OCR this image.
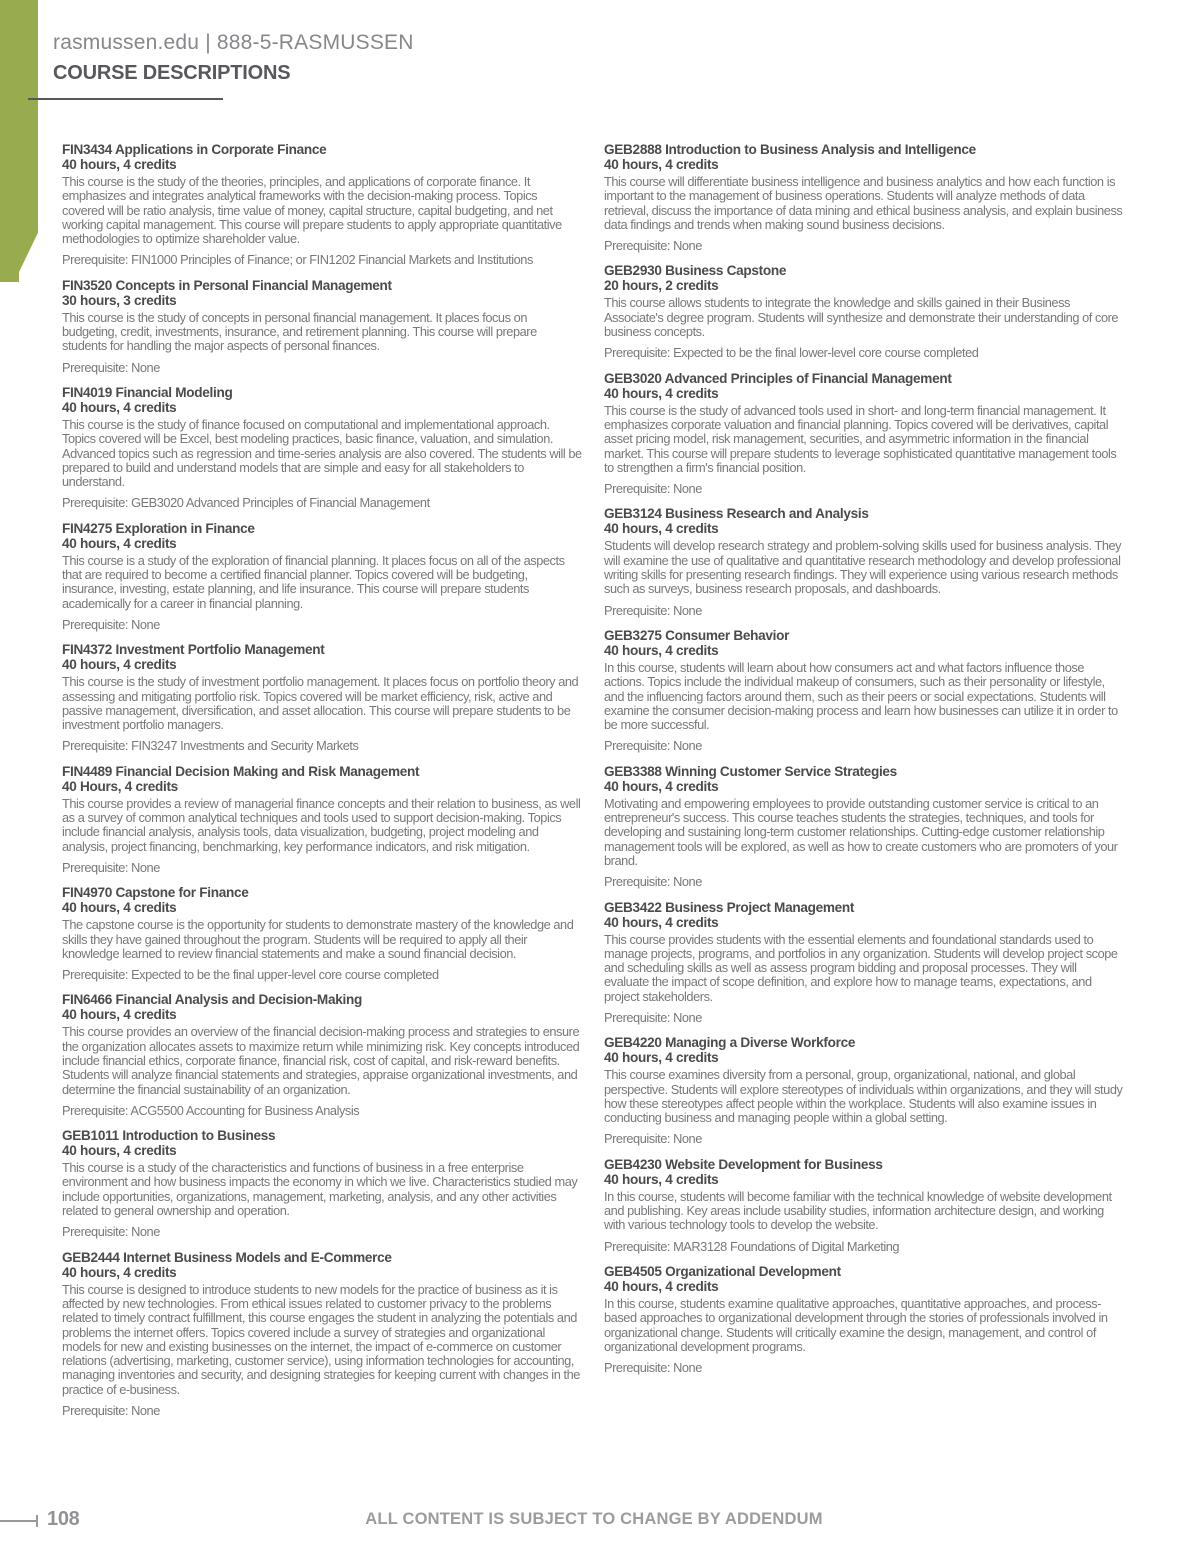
rasmussen.edu | 888-5-RASMUSSEN
COURSE DESCRIPTIONS
FIN3434 Applications in Corporate Finance
40 hours, 4 credits
This course is the study of the theories, principles, and applications of corporate finance. It emphasizes and integrates analytical frameworks with the decision-making process. Topics covered will be ratio analysis, time value of money, capital structure, capital budgeting, and net working capital management. This course will prepare students to apply appropriate quantitative methodologies to optimize shareholder value.
Prerequisite: FIN1000 Principles of Finance; or FIN1202 Financial Markets and Institutions
FIN3520 Concepts in Personal Financial Management
30 hours, 3 credits
This course is the study of concepts in personal financial management. It places focus on budgeting, credit, investments, insurance, and retirement planning. This course will prepare students for handling the major aspects of personal finances.
Prerequisite: None
FIN4019 Financial Modeling
40 hours, 4 credits
This course is the study of finance focused on computational and implementational approach. Topics covered will be Excel, best modeling practices, basic finance, valuation, and simulation. Advanced topics such as regression and time-series analysis are also covered. The students will be prepared to build and understand models that are simple and easy for all stakeholders to understand.
Prerequisite: GEB3020 Advanced Principles of Financial Management
FIN4275 Exploration in Finance
40 hours, 4 credits
This course is a study of the exploration of financial planning. It places focus on all of the aspects that are required to become a certified financial planner. Topics covered will be budgeting, insurance, investing, estate planning, and life insurance. This course will prepare students academically for a career in financial planning.
Prerequisite: None
FIN4372 Investment Portfolio Management
40 hours, 4 credits
This course is the study of investment portfolio management. It places focus on portfolio theory and assessing and mitigating portfolio risk. Topics covered will be market efficiency, risk, active and passive management, diversification, and asset allocation. This course will prepare students to be investment portfolio managers.
Prerequisite: FIN3247 Investments and Security Markets
FIN4489 Financial Decision Making and Risk Management
40 Hours, 4 credits
This course provides a review of managerial finance concepts and their relation to business, as well as a survey of common analytical techniques and tools used to support decision-making. Topics include financial analysis, analysis tools, data visualization, budgeting, project modeling and analysis, project financing, benchmarking, key performance indicators, and risk mitigation.
Prerequisite: None
FIN4970 Capstone for Finance
40 hours, 4 credits
The capstone course is the opportunity for students to demonstrate mastery of the knowledge and skills they have gained throughout the program. Students will be required to apply all their knowledge learned to review financial statements and make a sound financial decision.
Prerequisite: Expected to be the final upper-level core course completed
FIN6466 Financial Analysis and Decision-Making
40 hours, 4 credits
This course provides an overview of the financial decision-making process and strategies to ensure the organization allocates assets to maximize return while minimizing risk. Key concepts introduced include financial ethics, corporate finance, financial risk, cost of capital, and risk-reward benefits. Students will analyze financial statements and strategies, appraise organizational investments, and determine the financial sustainability of an organization.
Prerequisite: ACG5500 Accounting for Business Analysis
GEB1011 Introduction to Business
40 hours, 4 credits
This course is a study of the characteristics and functions of business in a free enterprise environment and how business impacts the economy in which we live. Characteristics studied may include opportunities, organizations, management, marketing, analysis, and any other activities related to general ownership and operation.
Prerequisite: None
GEB2444 Internet Business Models and E-Commerce
40 hours, 4 credits
This course is designed to introduce students to new models for the practice of business as it is affected by new technologies. From ethical issues related to customer privacy to the problems related to timely contract fulfillment, this course engages the student in analyzing the potentials and problems the internet offers. Topics covered include a survey of strategies and organizational models for new and existing businesses on the internet, the impact of e-commerce on customer relations (advertising, marketing, customer service), using information technologies for accounting, managing inventories and security, and designing strategies for keeping current with changes in the practice of e-business.
Prerequisite: None
GEB2888 Introduction to Business Analysis and Intelligence
40 hours, 4 credits
This course will differentiate business intelligence and business analytics and how each function is important to the management of business operations. Students will analyze methods of data retrieval, discuss the importance of data mining and ethical business analysis, and explain business data findings and trends when making sound business decisions.
Prerequisite: None
GEB2930 Business Capstone
20 hours, 2 credits
This course allows students to integrate the knowledge and skills gained in their Business Associate's degree program. Students will synthesize and demonstrate their understanding of core business concepts.
Prerequisite: Expected to be the final lower-level core course completed
GEB3020 Advanced Principles of Financial Management
40 hours, 4 credits
This course is the study of advanced tools used in short- and long-term financial management. It emphasizes corporate valuation and financial planning. Topics covered will be derivatives, capital asset pricing model, risk management, securities, and asymmetric information in the financial market. This course will prepare students to leverage sophisticated quantitative management tools to strengthen a firm's financial position.
Prerequisite: None
GEB3124 Business Research and Analysis
40 hours, 4 credits
Students will develop research strategy and problem-solving skills used for business analysis. They will examine the use of qualitative and quantitative research methodology and develop professional writing skills for presenting research findings. They will experience using various research methods such as surveys, business research proposals, and dashboards.
Prerequisite: None
GEB3275 Consumer Behavior
40 hours, 4 credits
In this course, students will learn about how consumers act and what factors influence those actions. Topics include the individual makeup of consumers, such as their personality or lifestyle, and the influencing factors around them, such as their peers or social expectations. Students will examine the consumer decision-making process and learn how businesses can utilize it in order to be more successful.
Prerequisite: None
GEB3388 Winning Customer Service Strategies
40 hours, 4 credits
Motivating and empowering employees to provide outstanding customer service is critical to an entrepreneur's success. This course teaches students the strategies, techniques, and tools for developing and sustaining long-term customer relationships. Cutting-edge customer relationship management tools will be explored, as well as how to create customers who are promoters of your brand.
Prerequisite: None
GEB3422 Business Project Management
40 hours, 4 credits
This course provides students with the essential elements and foundational standards used to manage projects, programs, and portfolios in any organization. Students will develop project scope and scheduling skills as well as assess program bidding and proposal processes. They will evaluate the impact of scope definition, and explore how to manage teams, expectations, and project stakeholders.
Prerequisite: None
GEB4220 Managing a Diverse Workforce
40 hours, 4 credits
This course examines diversity from a personal, group, organizational, national, and global perspective. Students will explore stereotypes of individuals within organizations, and they will study how these stereotypes affect people within the workplace. Students will also examine issues in conducting business and managing people within a global setting.
Prerequisite: None
GEB4230 Website Development for Business
40 hours, 4 credits
In this course, students will become familiar with the technical knowledge of website development and publishing. Key areas include usability studies, information architecture design, and working with various technology tools to develop the website.
Prerequisite: MAR3128 Foundations of Digital Marketing
GEB4505 Organizational Development
40 hours, 4 credits
In this course, students examine qualitative approaches, quantitative approaches, and process-based approaches to organizational development through the stories of professionals involved in organizational change. Students will critically examine the design, management, and control of organizational development programs.
Prerequisite: None
108	ALL CONTENT IS SUBJECT TO CHANGE BY ADDENDUM
